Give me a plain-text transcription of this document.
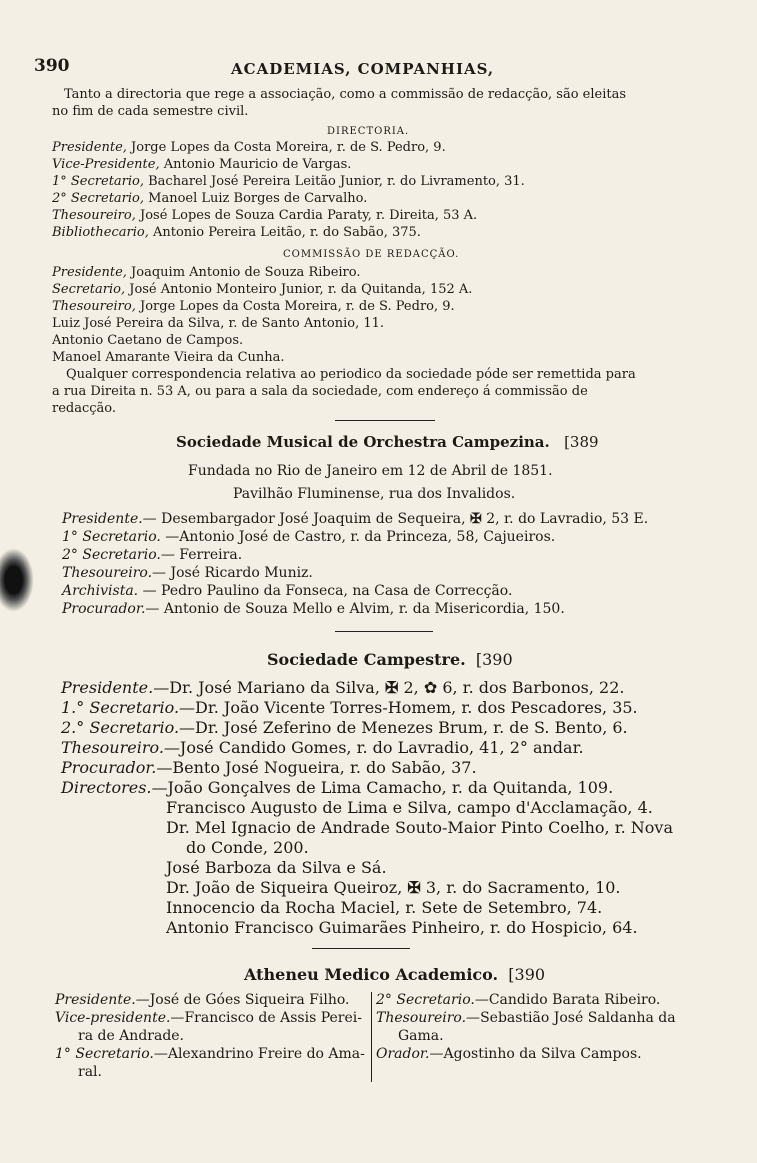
390	ACADEMIAS, COMPANHIAS,
Tanto a directoria que rege a associação, como a commissão de redacção, são eleitas
no fim de cada semestre civil.
DIRECTORIA.
Presidente, Jorge Lopes da Costa Moreira, r. de S. Pedro, 9.
Vice-Presidente, Antonio Mauricio de Vargas.
1° Secretario, Bacharel José Pereira Leitão Junior, r. do Livramento, 31.
2° Secretario, Manoel Luiz Borges de Carvalho.
Thesoureiro, José Lopes de Souza Cardia Paraty, r. Direita, 53 A.
Bibliothecario, Antonio Pereira Leitão, r. do Sabão, 375.
COMMISSÃO DE REDACÇÃO.
Presidente, Joaquim Antonio de Souza Ribeiro.
Secretario, José Antonio Monteiro Junior, r. da Quitanda, 152 A.
Thesoureiro, Jorge Lopes da Costa Moreira, r. de S. Pedro, 9.
Luiz José Pereira da Silva, r. de Santo Antonio, 11.
Antonio Caetano de Campos.
Manoel Amarante Vieira da Cunha.
Qualquer correspondencia relativa ao periodico da sociedade póde ser remettida para
a rua Direita n. 53 A, ou para a sala da sociedade, com endereço á commissão de
redacção.
Sociedade Musical de Orchestra Campezina. [389
Fundada no Rio de Janeiro em 12 de Abril de 1851.
Pavilhão Fluminense, rua dos Invalidos.
Presidente.— Desembargador José Joaquim de Sequeira, ✠ 2, r. do Lavradio, 53 E.
1° Secretario. —Antonio José de Castro, r. da Princeza, 58, Cajueiros.
2° Secretario.— Ferreira.
Thesoureiro.— José Ricardo Muniz.
Archivista. — Pedro Paulino da Fonseca, na Casa de Correcção.
Procurador.— Antonio de Souza Mello e Alvim, r. da Misericordia, 150.
Sociedade Campestre. [390
Presidente.—Dr. José Mariano da Silva, ✠ 2, ✿ 6, r. dos Barbonos, 22.
1.° Secretario.—Dr. João Vicente Torres-Homem, r. dos Pescadores, 35.
2.° Secretario.—Dr. José Zeferino de Menezes Brum, r. de S. Bento, 6.
Thesoureiro.—José Candido Gomes, r. do Lavradio, 41, 2° andar.
Procurador.—Bento José Nogueira, r. do Sabão, 37.
Directores.—João Gonçalves de Lima Camacho, r. da Quitanda, 109.
Francisco Augusto de Lima e Silva, campo d'Acclamação, 4.
Dr. Mel Ignacio de Andrade Souto-Maior Pinto Coelho, r. Nova
do Conde, 200.
José Barboza da Silva e Sá.
Dr. João de Siqueira Queiroz, ✠ 3, r. do Sacramento, 10.
Innocencio da Rocha Maciel, r. Sete de Setembro, 74.
Antonio Francisco Guimarães Pinheiro, r. do Hospicio, 64.
Atheneu Medico Academico. [390
Presidente.—José de Góes Siqueira Filho.
Vice-presidente.—Francisco de Assis Perei-
ra de Andrade.
1° Secretario.—Alexandrino Freire do Ama-
ral.
2° Secretario.—Candido Barata Ribeiro.
Thesoureiro.—Sebastião José Saldanha da
Gama.
Orador.—Agostinho da Silva Campos.
